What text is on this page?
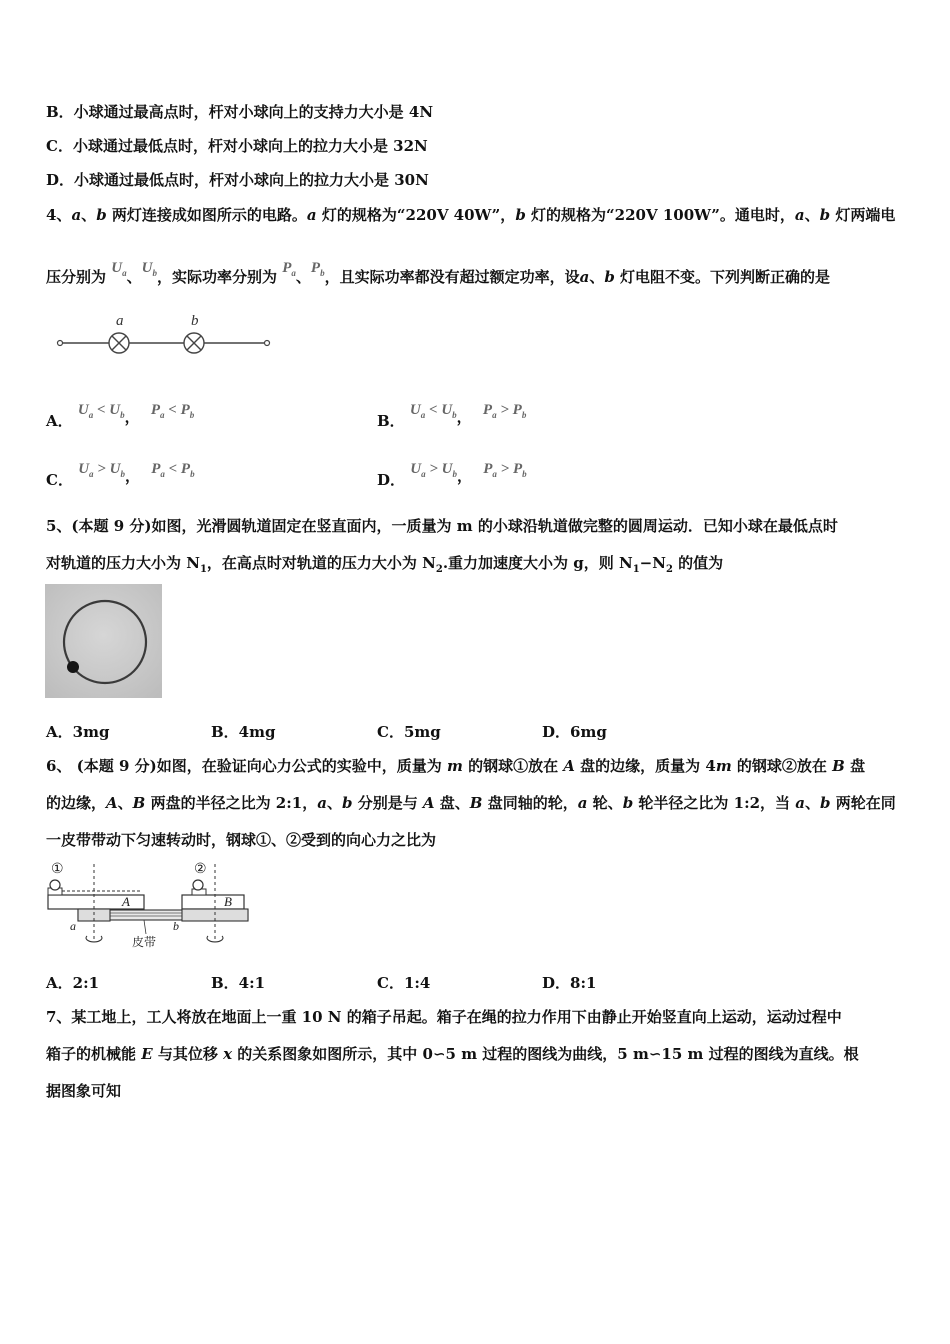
B．小球通过最高点时，杆对小球向上的支持力大小是 4N
C．小球通过最低点时，杆对小球向上的拉力大小是 32N
D．小球通过最低点时，杆对小球向上的拉力大小是 30N
4、a、b 两灯连接成如图所示的电路。a 灯的规格为“220V 40W”，b 灯的规格为“220V 100W”。通电时，a、b 灯两端电
压分别为 $U_a$、$U_b$，实际功率分别为 $P_a$、$P_b$，且实际功率都没有超过额定功率，设a、b 灯电阻不变。下列判断正确的是
a	b
A． $U_a < U_b$， $P_a < P_b$	B． $U_a < U_b$， $P_a > P_b$
C． $U_a > U_b$， $P_a < P_b$	D． $U_a > U_b$， $P_a > P_b$
5、(本题 9 分)如图，光滑圆轨道固定在竖直面内，一质量为 m 的小球沿轨道做完整的圆周运动．已知小球在最低点时
对轨道的压力大小为 $N_1$，在高点时对轨道的压力大小为 $N_2$.重力加速度大小为 g，则 $N_1-N_2$ 的值为
A．3mg	B．4mg	C．5mg	D．6mg
6、 (本题 9 分)如图，在验证向心力公式的实验中，质量为 m 的钢球①放在 A 盘的边缘，质量为 4m 的钢球②放在 B 盘
的边缘，A、B 两盘的半径之比为 2:1，a、b 分别是与 A 盘、B 盘同轴的轮，a 轮、b 轮半径之比为 1:2，当 a、b 两轮在同
一皮带带动下匀速转动时，钢球①、②受到的向心力之比为
①
A
②
B
a	b
皮带
A．2:1	B．4:1	C．1:4	D．8:1
7、某工地上，工人将放在地面上一重 10 N 的箱子吊起。箱子在绳的拉力作用下由静止开始竖直向上运动，运动过程中
箱子的机械能 E 与其位移 x 的关系图象如图所示，其中 0∽5 m 过程的图线为曲线，5 m∽15 m 过程的图线为直线。根
据图象可知
